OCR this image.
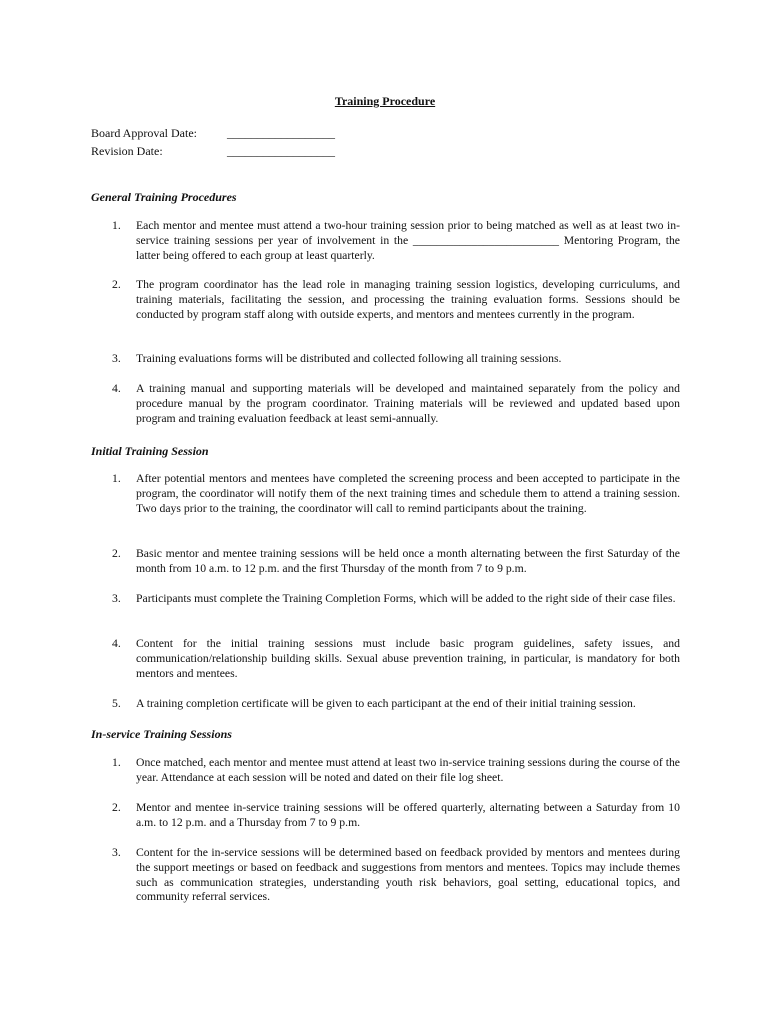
Training Procedure
Board Approval Date:	__________________
Revision Date:	__________________
General Training Procedures
1. Each mentor and mentee must attend a two-hour training session prior to being matched as well as at least two in-service training sessions per year of involvement in the _________________________ Mentoring Program, the latter being offered to each group at least quarterly.
2. The program coordinator has the lead role in managing training session logistics, developing curriculums, and training materials, facilitating the session, and processing the training evaluation forms. Sessions should be conducted by program staff along with outside experts, and mentors and mentees currently in the program.
3. Training evaluations forms will be distributed and collected following all training sessions.
4. A training manual and supporting materials will be developed and maintained separately from the policy and procedure manual by the program coordinator. Training materials will be reviewed and updated based upon program and training evaluation feedback at least semi-annually.
Initial Training Session
1. After potential mentors and mentees have completed the screening process and been accepted to participate in the program, the coordinator will notify them of the next training times and schedule them to attend a training session. Two days prior to the training, the coordinator will call to remind participants about the training.
2. Basic mentor and mentee training sessions will be held once a month alternating between the first Saturday of the month from 10 a.m. to 12 p.m. and the first Thursday of the month from 7 to 9 p.m.
3. Participants must complete the Training Completion Forms, which will be added to the right side of their case files.
4. Content for the initial training sessions must include basic program guidelines, safety issues, and communication/relationship building skills. Sexual abuse prevention training, in particular, is mandatory for both mentors and mentees.
5. A training completion certificate will be given to each participant at the end of their initial training session.
In-service Training Sessions
1. Once matched, each mentor and mentee must attend at least two in-service training sessions during the course of the year. Attendance at each session will be noted and dated on their file log sheet.
2. Mentor and mentee in-service training sessions will be offered quarterly, alternating between a Saturday from 10 a.m. to 12 p.m. and a Thursday from 7 to 9 p.m.
3. Content for the in-service sessions will be determined based on feedback provided by mentors and mentees during the support meetings or based on feedback and suggestions from mentors and mentees. Topics may include themes such as communication strategies, understanding youth risk behaviors, goal setting, educational topics, and community referral services.
